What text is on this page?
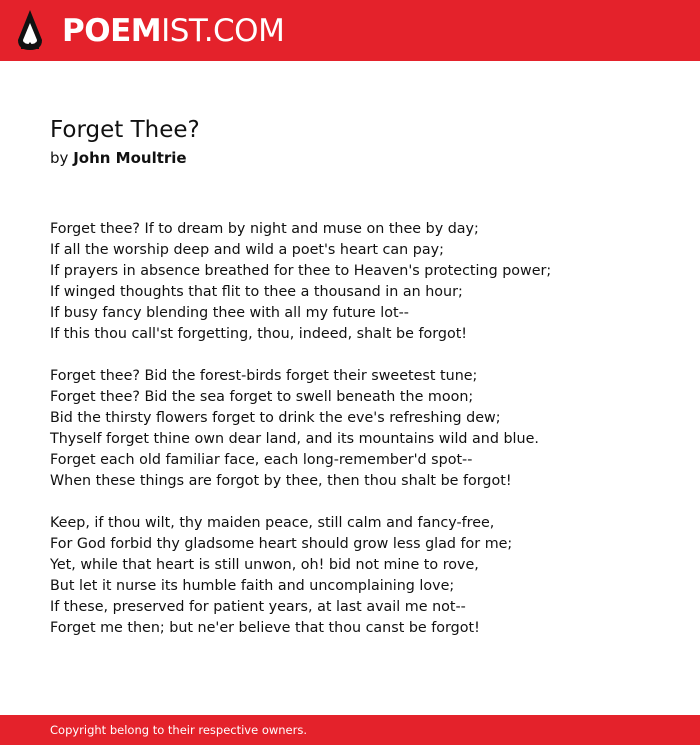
POEMIST.COM
Forget Thee?
by John Moultrie
Forget thee? If to dream by night and muse on thee by day;
If all the worship deep and wild a poet's heart can pay;
If prayers in absence breathed for thee to Heaven's protecting power;
If winged thoughts that flit to thee a thousand in an hour;
If busy fancy blending thee with all my future lot--
If this thou call'st forgetting, thou, indeed, shalt be forgot!
Forget thee? Bid the forest-birds forget their sweetest tune;
Forget thee? Bid the sea forget to swell beneath the moon;
Bid the thirsty flowers forget to drink the eve's refreshing dew;
Thyself forget thine own dear land, and its mountains wild and blue.
Forget each old familiar face, each long-remember'd spot--
When these things are forgot by thee, then thou shalt be forgot!
Keep, if thou wilt, thy maiden peace, still calm and fancy-free,
For God forbid thy gladsome heart should grow less glad for me;
Yet, while that heart is still unwon, oh! bid not mine to rove,
But let it nurse its humble faith and uncomplaining love;
If these, preserved for patient years, at last avail me not--
Forget me then; but ne'er believe that thou canst be forgot!
Copyright belong to their respective owners.
